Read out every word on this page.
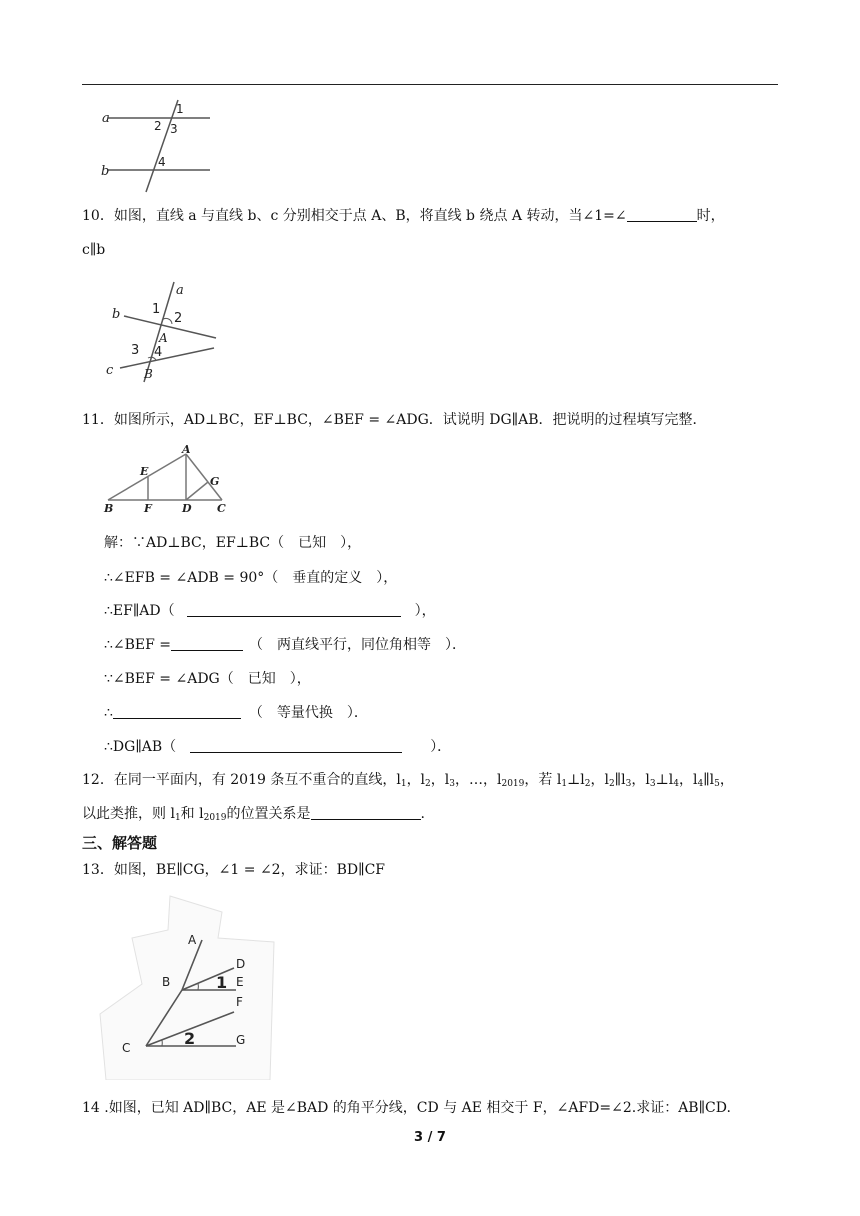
a
b
1
2 3
4
10．如图，直线 a 与直线 b、c 分别相交于点 A、B，将直线 b 绕点 A 转动，当∠1=∠	时，
c∥b
a
b
c
1
2
3 4
A
B
11．如图所示，AD⊥BC，EF⊥BC，∠BEF = ∠ADG．试说明 DG∥AB．把说明的过程填写完整．
A
E
G
B	F	D C
解：∵AD⊥BC，EF⊥BC（　已知　），
∴∠EFB = ∠ADB = 90°（　垂直的定义　），
∴EF∥AD（	），
∴∠BEF =	（　两直线平行，同位角相等　）．
∵∠BEF = ∠ADG（　已知　），
∴	（　等量代换　）．
∴DG∥AB（	）．
12．在同一平面内，有 2019 条互不重合的直线，$l_1$，$l_2$，$l_3$，…，$l_{2019}$，若 $l_1\perp l_2$，$l_2\parallel l_3$，$l_3\perp l_4$，$l_4\parallel l_5$，
以此类推，则 $l_1$和 $l_{2019}$的位置关系是	.
三、解答题
13．如图，BE∥CG，∠1 = ∠2，求证：BD∥CF
A
B
D
E
1
F
C	2	G
14 .如图，已知 AD∥BC，AE 是∠BAD 的角平分线，CD 与 AE 相交于 F，∠AFD=∠2.求证：AB∥CD.
3 / 7
